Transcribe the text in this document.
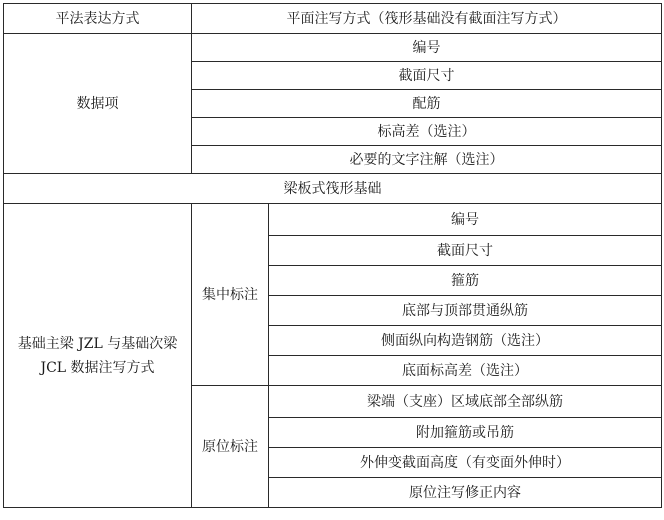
平法表达方式	平面注写方式（筏形基础没有截面注写方式）	
数据项	编号	
	截面尺寸	
	配筋	
	标高差（选注）	
	必要的文字注解（选注）	
梁板式筏形基础		
基础主梁 JZL 与基础次梁
JCL 数据注写方式	集中标注	编号
		截面尺寸
		箍筋
		底部与顶部贯通纵筋
		侧面纵向构造钢筋（选注）
		底面标高差（选注）
	原位标注	梁端（支座）区域底部全部纵筋
		附加箍筋或吊筋
		外伸变截面高度（有变面外伸时）
		原位注写修正内容
